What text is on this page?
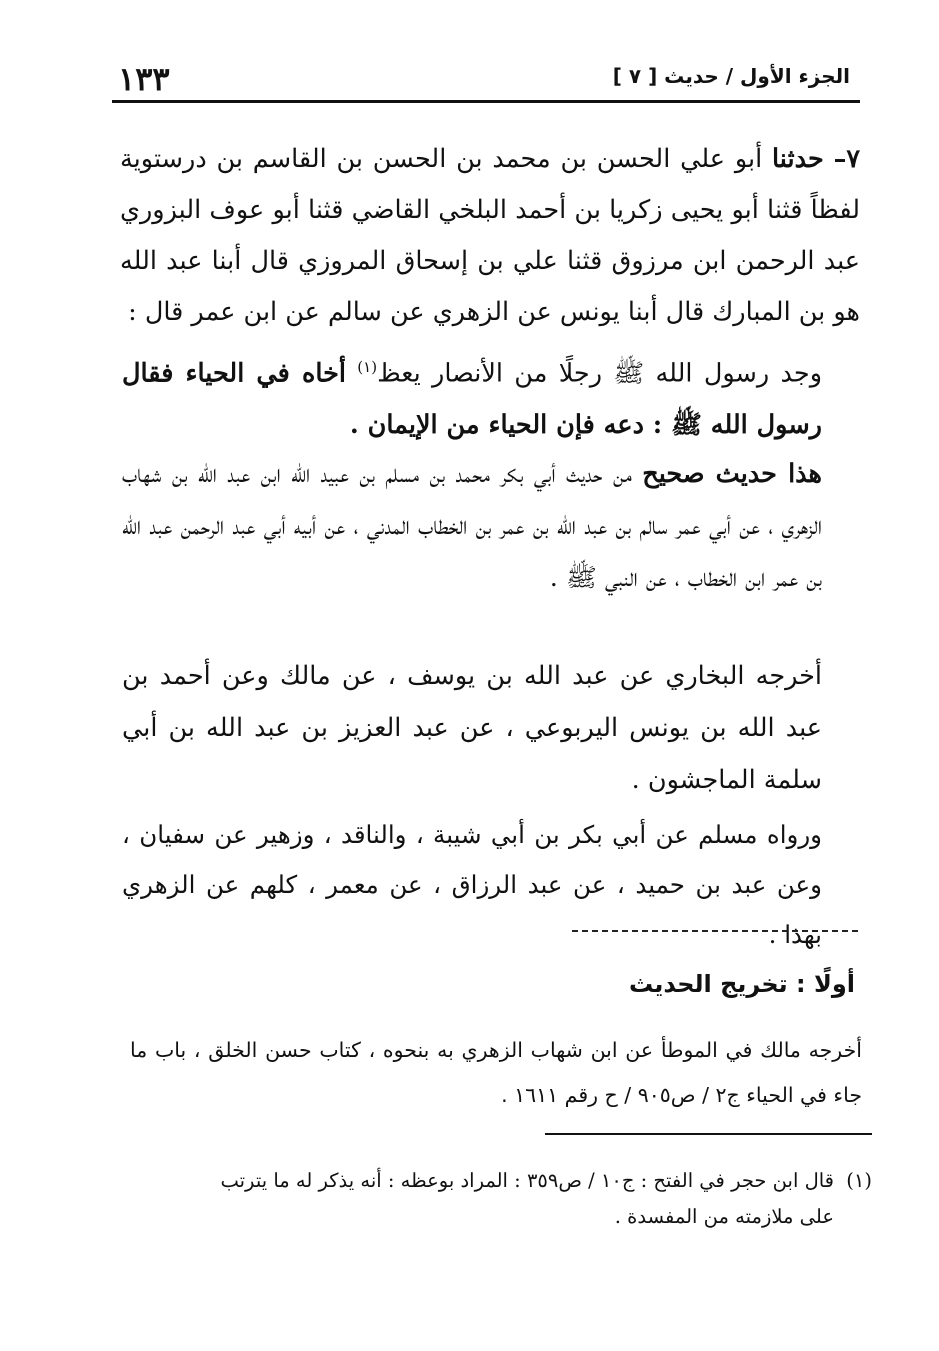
١٣٣	الجزء الأول / حديث [ ٧ ]

٧– حدثنا أبو علي الحسن بن محمد بن الحسن بن القاسم بن درستوية لفظاً قثنا أبو يحيى زكريا بن أحمد البلخي القاضي قثنا أبو عوف البزوري عبد الرحمن ابن مرزوق قثنا علي بن إسحاق المروزي قال أبنا عبد الله هو بن المبارك قال أبنا يونس عن الزهري عن سالم عن ابن عمر قال :

وجد رسول الله ﷺ رجلًا من الأنصار يعظ$^{(١)}$ أخاه في الحياء فقال رسول الله ﷺ : دعه فإن الحياء من الإيمان .

هذا حديث صحيح من حديث أبي بكر محمد بن مسلم بن عبيد الله ابن عبد الله بن شهاب الزهري ، عن أبي عمر سالم بن عبد الله بن عمر بن الخطاب المدني ، عن أبيه أبي عبد الرحمن عبد الله بن عمر ابن الخطاب ، عن النبي ﷺ .

أخرجه البخاري عن عبد الله بن يوسف ، عن مالك وعن أحمد بن عبد الله بن يونس اليربوعي ، عن عبد العزيز بن عبد الله بن أبي سلمة الماجشون .

ورواه مسلم عن أبي بكر بن أبي شيبة ، والناقد ، وزهير عن سفيان ، وعن عبد بن حميد ، عن عبد الرزاق ، عن معمر ، كلهم عن الزهري بهذا .

أولًا : تخريج الحديث

أخرجه مالك في الموطأ عن ابن شهاب الزهري به بنحوه ، كتاب حسن الخلق ، باب ما جاء في الحياء ج٢ / ص٩٠٥ / ح رقم ١٦١١ .

(١)قال ابن حجر في الفتح : ج١٠ / ص٣٥٩ : المراد بوعظه : أنه يذكر له ما يترتب
على ملازمته من المفسدة .
